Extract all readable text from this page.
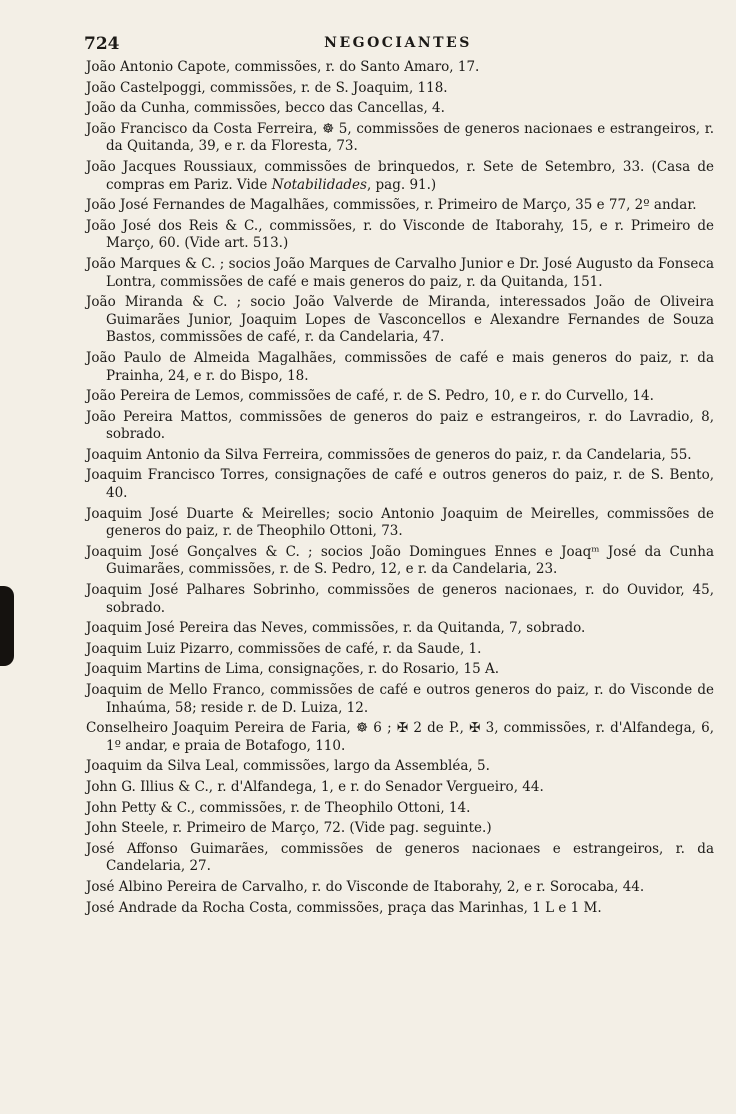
724	NEGOCIANTES
João Antonio Capote, commissões, r. do Santo Amaro, 17.
João Castelpoggi, commissões, r. de S. Joaquim, 118.
João da Cunha, commissões, becco das Cancellas, 4.
João Francisco da Costa Ferreira, ☸ 5, commissões de generos nacionaes e estrangeiros, r. da Quitanda, 39, e r. da Floresta, 73.
João Jacques Roussiaux, commissões de brinquedos, r. Sete de Setembro, 33. (Casa de compras em Pariz. Vide Notabilidades, pag. 91.)
João José Fernandes de Magalhães, commissões, r. Primeiro de Março, 35 e 77, 2º andar.
João José dos Reis & C., commissões, r. do Visconde de Itaborahy, 15, e r. Primeiro de Março, 60. (Vide art. 513.)
João Marques & C. ; socios João Marques de Carvalho Junior e Dr. José Augusto da Fonseca Lontra, commissões de café e mais generos do paiz, r. da Quitanda, 151.
João Miranda & C. ; socio João Valverde de Miranda, interessados João de Oliveira Guimarães Junior, Joaquim Lopes de Vasconcellos e Alexandre Fernandes de Souza Bastos, commissões de café, r. da Candelaria, 47.
João Paulo de Almeida Magalhães, commissões de café e mais generos do paiz, r. da Prainha, 24, e r. do Bispo, 18.
João Pereira de Lemos, commissões de café, r. de S. Pedro, 10, e r. do Curvello, 14.
João Pereira Mattos, commissões de generos do paiz e estrangeiros, r. do Lavradio, 8, sobrado.
Joaquim Antonio da Silva Ferreira, commissões de generos do paiz, r. da Candelaria, 55.
Joaquim Francisco Torres, consignações de café e outros generos do paiz, r. de S. Bento, 40.
Joaquim José Duarte & Meirelles; socio Antonio Joaquim de Meirelles, commissões de generos do paiz, r. de Theophilo Ottoni, 73.
Joaquim José Gonçalves & C. ; socios João Domingues Ennes e Joaqᵐ José da Cunha Guimarães, commissões, r. de S. Pedro, 12, e r. da Candelaria, 23.
Joaquim José Palhares Sobrinho, commissões de generos nacionaes, r. do Ouvidor, 45, sobrado.
Joaquim José Pereira das Neves, commissões, r. da Quitanda, 7, sobrado.
Joaquim Luiz Pizarro, commissões de café, r. da Saude, 1.
Joaquim Martins de Lima, consignações, r. do Rosario, 15 A.
Joaquim de Mello Franco, commissões de café e outros generos do paiz, r. do Visconde de Inhaúma, 58; reside r. de D. Luiza, 12.
Conselheiro Joaquim Pereira de Faria, ☸ 6 ; ✠ 2 de P., ✠ 3, commissões, r. d'Alfandega, 6, 1º andar, e praia de Botafogo, 110.
Joaquim da Silva Leal, commissões, largo da Assembléa, 5.
John G. Illius & C., r. d'Alfandega, 1, e r. do Senador Vergueiro, 44.
John Petty & C., commissões, r. de Theophilo Ottoni, 14.
John Steele, r. Primeiro de Março, 72. (Vide pag. seguinte.)
José Affonso Guimarães, commissões de generos nacionaes e estrangeiros, r. da Candelaria, 27.
José Albino Pereira de Carvalho, r. do Visconde de Itaborahy, 2, e r. Sorocaba, 44.
José Andrade da Rocha Costa, commissões, praça das Marinhas, 1 L e 1 M.
